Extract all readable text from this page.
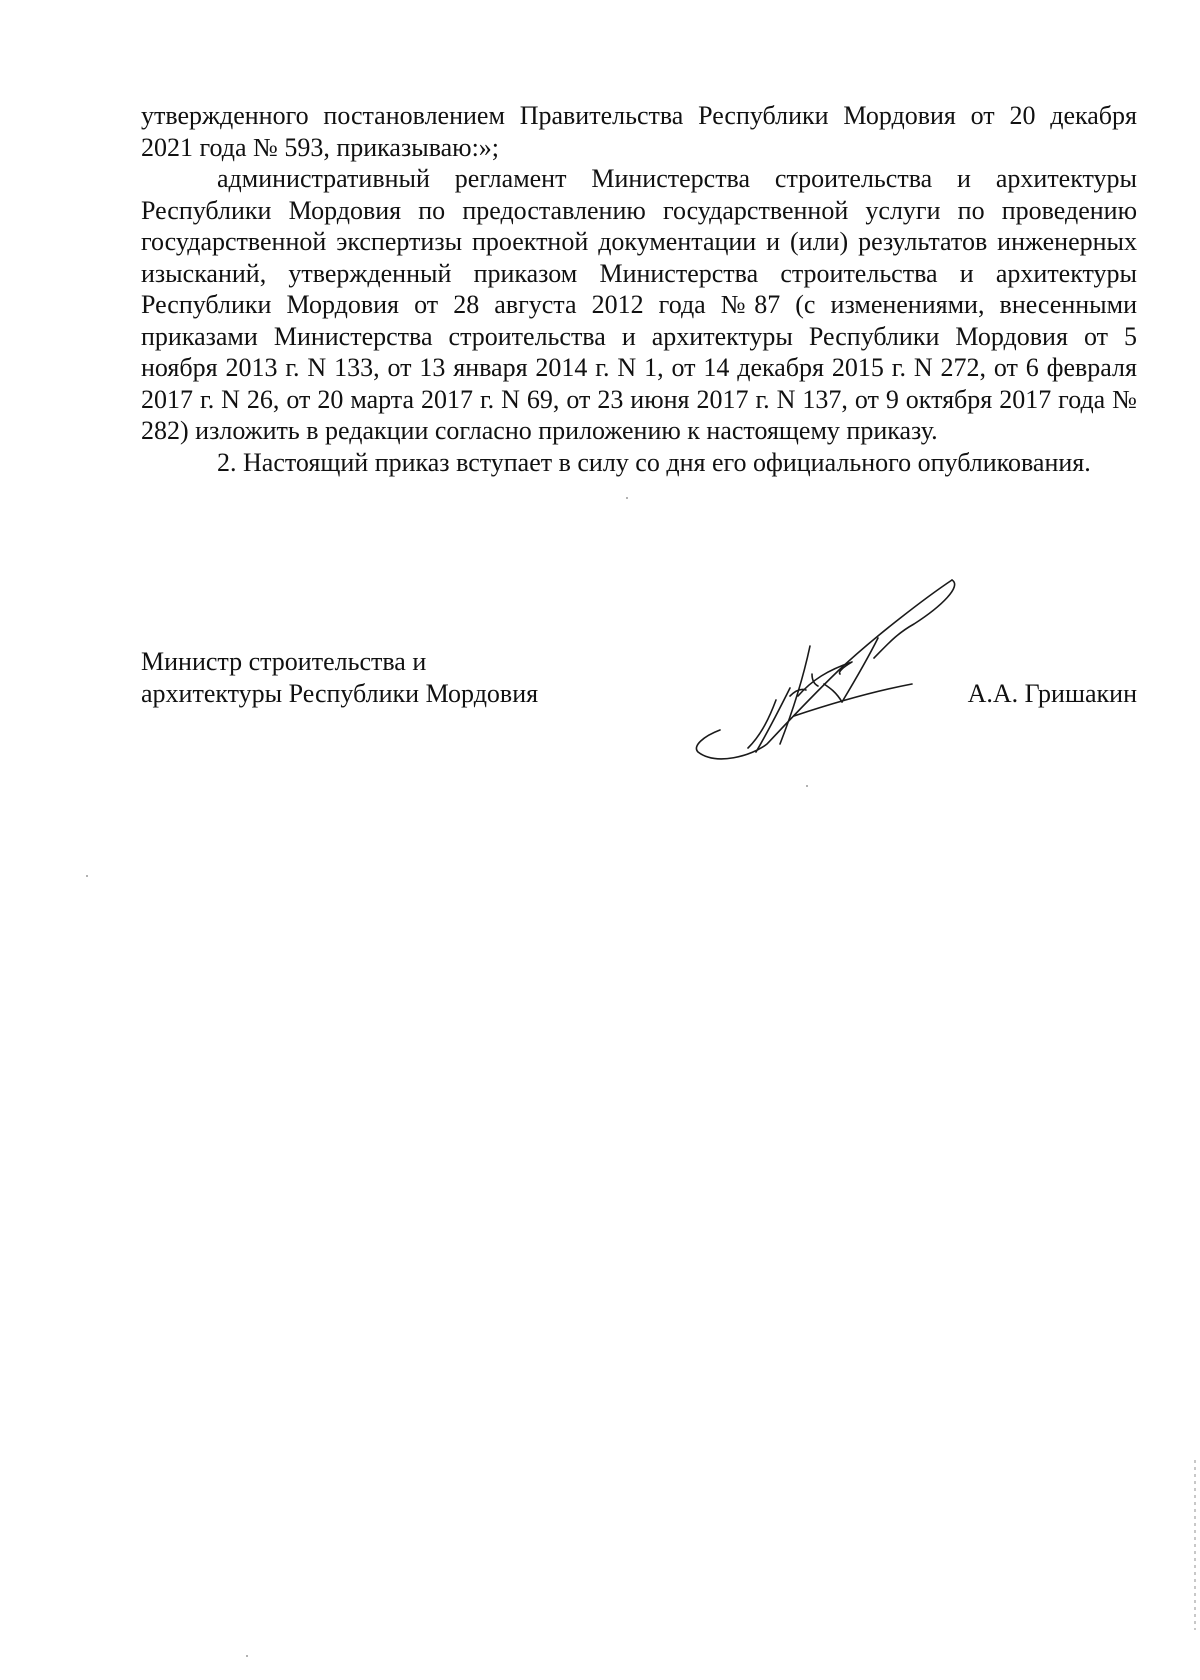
утвержденного постановлением Правительства Республики Мордовия от 20 декабря 2021 года № 593, приказываю:»;

административный регламент Министерства строительства и архитектуры Республики Мордовия по предоставлению государственной услуги по проведению государственной экспертизы проектной документации и (или) результатов инженерных изысканий, утвержденный приказом Министерства строительства и архитектуры Республики Мордовия от 28 августа 2012 года №87 (с изменениями, внесенными приказами Министерства строительства и архитектуры Республики Мордовия от 5 ноября 2013 г. N 133, от 13 января 2014 г. N 1, от 14 декабря 2015 г. N 272, от 6 февраля 2017 г. N 26, от 20 марта 2017 г. N 69, от 23 июня 2017 г. N 137, от 9 октября 2017 года № 282) изложить в редакции согласно приложению к настоящему приказу.

2. Настоящий приказ вступает в силу со дня его официального опубликования.

Министр строительства и
архитектуры Республики Мордовия	А.А. Гришакин
